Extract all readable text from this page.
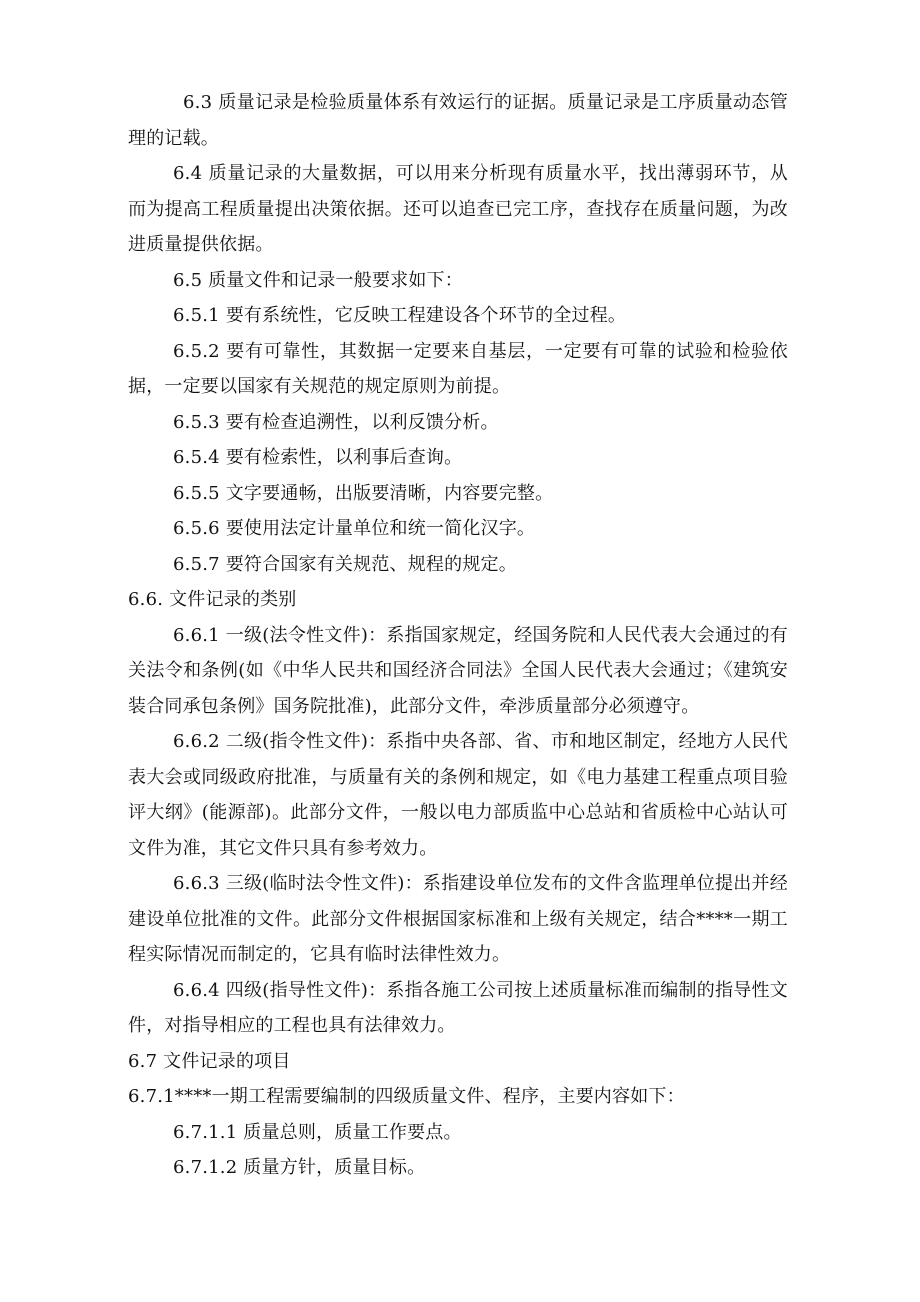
6.3 质量记录是检验质量体系有效运行的证据。质量记录是工序质量动态管理的记载。

6.4 质量记录的大量数据，可以用来分析现有质量水平，找出薄弱环节，从而为提高工程质量提出决策依据。还可以追查已完工序，查找存在质量问题，为改进质量提供依据。

6.5 质量文件和记录一般要求如下：

6.5.1 要有系统性，它反映工程建设各个环节的全过程。

6.5.2 要有可靠性，其数据一定要来自基层，一定要有可靠的试验和检验依据，一定要以国家有关规范的规定原则为前提。

6.5.3 要有检查追溯性，以利反馈分析。

6.5.4 要有检索性，以利事后查询。

6.5.5 文字要通畅，出版要清晰，内容要完整。

6.5.6 要使用法定计量单位和统一简化汉字。

6.5.7 要符合国家有关规范、规程的规定。

6.6. 文件记录的类别

6.6.1 一级(法令性文件)：系指国家规定，经国务院和人民代表大会通过的有关法令和条例(如《中华人民共和国经济合同法》全国人民代表大会通过；《建筑安装合同承包条例》国务院批准)，此部分文件，牵涉质量部分必须遵守。

6.6.2 二级(指令性文件)：系指中央各部、省、市和地区制定，经地方人民代表大会或同级政府批准，与质量有关的条例和规定，如《电力基建工程重点项目验评大纲》(能源部)。此部分文件，一般以电力部质监中心总站和省质检中心站认可文件为准，其它文件只具有参考效力。

6.6.3 三级(临时法令性文件)：系指建设单位发布的文件含监理单位提出并经建设单位批准的文件。此部分文件根据国家标准和上级有关规定，结合****一期工程实际情况而制定的，它具有临时法律性效力。

6.6.4 四级(指导性文件)：系指各施工公司按上述质量标准而编制的指导性文件，对指导相应的工程也具有法律效力。

6.7 文件记录的项目

6.7.1****一期工程需要编制的四级质量文件、程序，主要内容如下：

6.7.1.1 质量总则，质量工作要点。

6.7.1.2 质量方针，质量目标。
